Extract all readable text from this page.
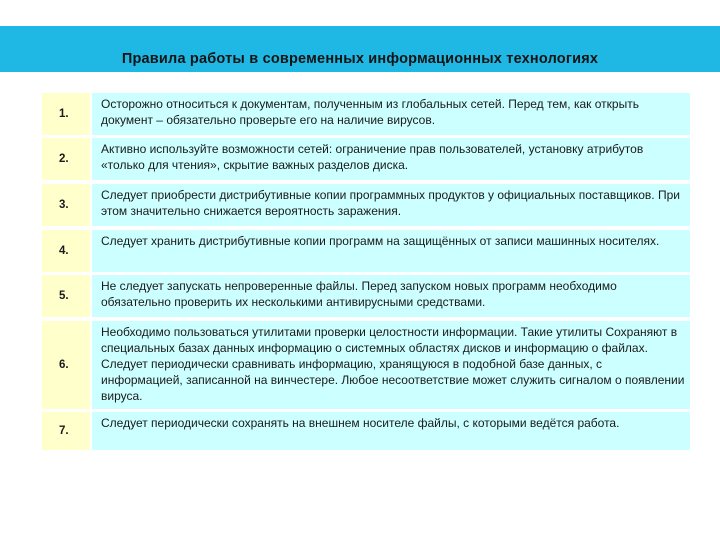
Правила работы в современных информационных технологиях
1.
Осторожно относиться к документам, полученным из глобальных сетей. Перед тем, как открыть документ – обязательно проверьте его на наличие вирусов.
2.
Активно используйте возможности сетей: ограничение прав пользователей, установку атрибутов «только для чтения», скрытие важных разделов диска.
3.
Следует приобрести дистрибутивные копии программных продуктов у официальных поставщиков. При этом значительно снижается вероятность заражения.
4.
Следует хранить дистрибутивные копии программ на защищённых от записи машинных носителях.
5.
Не следует запускать непроверенные файлы. Перед запуском новых программ необходимо обязательно проверить их несколькими антивирусными средствами.
6.
Необходимо пользоваться утилитами проверки целостности информации. Такие утилиты Сохраняют в специальных базах данных информацию о системных областях дисков и информацию о файлах. Следует периодически сравнивать информацию, хранящуюся в подобной базе данных, с информацией, записанной на винчестере. Любое несоответствие может служить сигналом о появлении вируса.
7.
Следует периодически сохранять на внешнем носителе файлы, с которыми ведётся работа.
